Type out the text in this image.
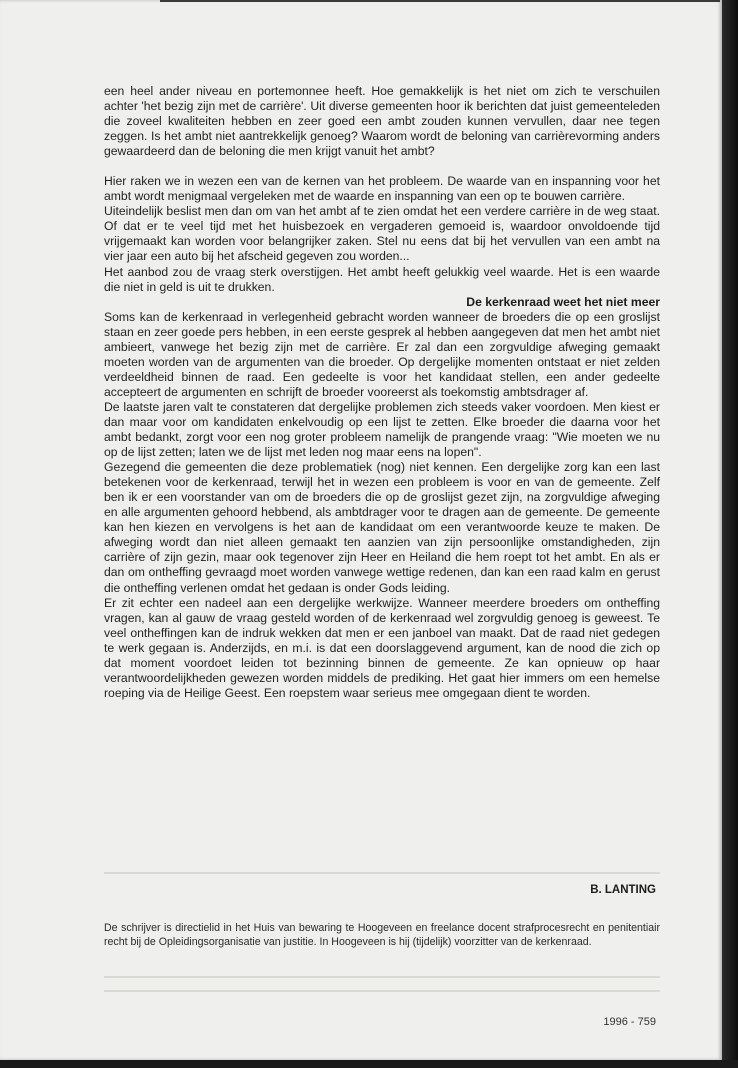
een heel ander niveau en portemonnee heeft. Hoe gemakkelijk is het niet om zich te verschuilen achter 'het bezig zijn met de carrière'. Uit diverse gemeenten hoor ik berichten dat juist gemeenteleden die zoveel kwaliteiten hebben en zeer goed een ambt zouden kunnen vervullen, daar nee tegen zeggen. Is het ambt niet aantrekkelijk genoeg? Waarom wordt de beloning van carrièrevorming anders gewaardeerd dan de beloning die men krijgt vanuit het ambt?

Hier raken we in wezen een van de kernen van het probleem. De waarde van en inspanning voor het ambt wordt menigmaal vergeleken met de waarde en inspanning van een op te bouwen carrière.

Uiteindelijk beslist men dan om van het ambt af te zien omdat het een verdere carrière in de weg staat. Of dat er te veel tijd met het huisbezoek en vergaderen gemoeid is, waardoor onvoldoende tijd vrijgemaakt kan worden voor belangrijker zaken. Stel nu eens dat bij het vervullen van een ambt na vier jaar een auto bij het afscheid gegeven zou worden...

Het aanbod zou de vraag sterk overstijgen. Het ambt heeft gelukkig veel waarde. Het is een waarde die niet in geld is uit te drukken.

De kerkenraad weet het niet meer

Soms kan de kerkenraad in verlegenheid gebracht worden wanneer de broeders die op een groslijst staan en zeer goede pers hebben, in een eerste gesprek al hebben aangegeven dat men het ambt niet ambieert, vanwege het bezig zijn met de carrière. Er zal dan een zorgvuldige afweging gemaakt moeten worden van de argumenten van die broeder. Op dergelijke momenten ontstaat er niet zelden verdeeldheid binnen de raad. Een gedeelte is voor het kandidaat stellen, een ander gedeelte accepteert de argumenten en schrijft de broeder vooreerst als toekomstig ambtsdrager af.

De laatste jaren valt te constateren dat dergelijke problemen zich steeds vaker voordoen. Men kiest er dan maar voor om kandidaten enkelvoudig op een lijst te zetten. Elke broeder die daarna voor het ambt bedankt, zorgt voor een nog groter probleem namelijk de prangende vraag: "Wie moeten we nu op de lijst zetten; laten we de lijst met leden nog maar eens na lopen".

Gezegend die gemeenten die deze problematiek (nog) niet kennen. Een dergelijke zorg kan een last betekenen voor de kerkenraad, terwijl het in wezen een probleem is voor en van de gemeente. Zelf ben ik er een voorstander van om de broeders die op de groslijst gezet zijn, na zorgvuldige afweging en alle argumenten gehoord hebbend, als ambtdrager voor te dragen aan de gemeente. De gemeente kan hen kiezen en vervolgens is het aan de kandidaat om een verantwoorde keuze te maken. De afweging wordt dan niet alleen gemaakt ten aanzien van zijn persoonlijke omstandigheden, zijn carrière of zijn gezin, maar ook tegenover zijn Heer en Heiland die hem roept tot het ambt. En als er dan om ontheffing gevraagd moet worden vanwege wettige redenen, dan kan een raad kalm en gerust die ontheffing verlenen omdat het gedaan is onder Gods leiding.

Er zit echter een nadeel aan een dergelijke werkwijze. Wanneer meerdere broeders om ontheffing vragen, kan al gauw de vraag gesteld worden of de kerkenraad wel zorgvuldig genoeg is geweest. Te veel ontheffingen kan de indruk wekken dat men er een janboel van maakt. Dat de raad niet gedegen te werk gegaan is. Anderzijds, en m.i. is dat een doorslaggevend argument, kan de nood die zich op dat moment voordoet leiden tot bezinning binnen de gemeente. Ze kan opnieuw op haar verantwoordelijkheden gewezen worden middels de prediking. Het gaat hier immers om een hemelse roeping via de Heilige Geest. Een roepstem waar serieus mee omgegaan dient te worden.

B. LANTING
De schrijver is directielid in het Huis van bewaring te Hoogeveen en freelance docent strafprocesrecht en penitentiair recht bij de Opleidingsorganisatie van justitie. In Hoogeveen is hij (tijdelijk) voorzitter van de kerkenraad.
1996 - 759
